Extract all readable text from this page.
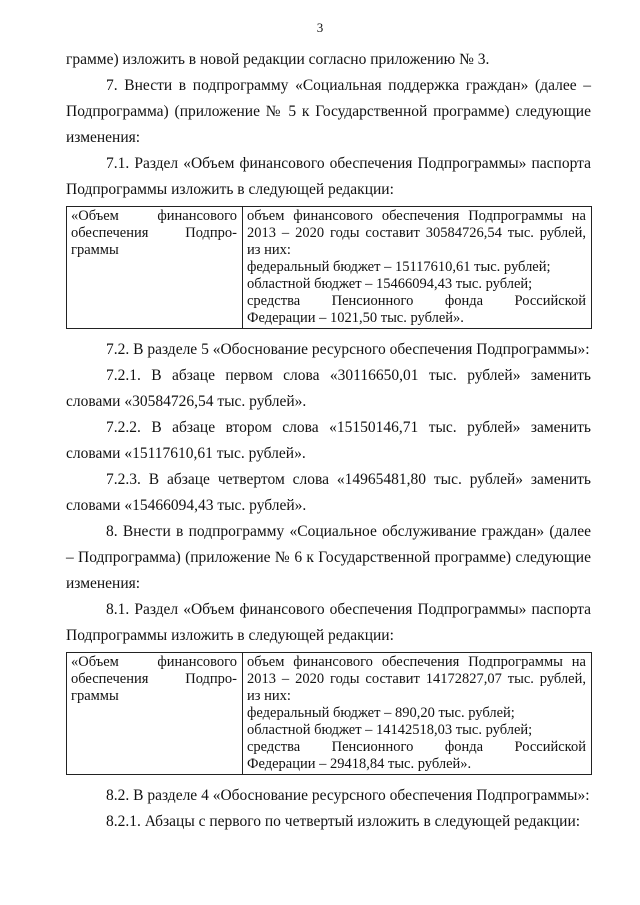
3

грамме) изложить в новой редакции согласно приложению № 3.

7. Внести в подпрограмму «Социальная поддержка граждан» (далее – Подпрограмма) (приложение № 5 к Государственной программе) следующие изменения:

7.1. Раздел «Объем финансового обеспечения Подпрограммы» паспорта Подпрограммы изложить в следующей редакции:

«Объем финансового
обеспечения Подпро-
граммы

объем финансового обеспечения Подпрограммы на
2013 – 2020 годы составит 30584726,54 тыс. рублей,
из них:
федеральный бюджет – 15117610,61 тыс. рублей;
областной бюджет – 15466094,43 тыс. рублей;
средства Пенсионного фонда Российской
Федерации – 1021,50 тыс. рублей».

7.2. В разделе 5 «Обоснование ресурсного обеспечения Подпрограммы»:

7.2.1. В абзаце первом слова «30116650,01 тыс. рублей» заменить словами «30584726,54 тыс. рублей».

7.2.2. В абзаце втором слова «15150146,71 тыс. рублей» заменить словами «15117610,61 тыс. рублей».

7.2.3. В абзаце четвертом слова «14965481,80 тыс. рублей» заменить словами «15466094,43 тыс. рублей».

8. Внести в подпрограмму «Социальное обслуживание граждан» (далее – Подпрограмма) (приложение № 6 к Государственной программе) следующие изменения:

8.1. Раздел «Объем финансового обеспечения Подпрограммы» паспорта Подпрограммы изложить в следующей редакции:

«Объем финансового
обеспечения Подпро-
граммы

объем финансового обеспечения Подпрограммы на
2013 – 2020 годы составит 14172827,07 тыс. рублей,
из них:
федеральный бюджет – 890,20 тыс. рублей;
областной бюджет – 14142518,03 тыс. рублей;
средства Пенсионного фонда Российской
Федерации – 29418,84 тыс. рублей».

8.2. В разделе 4 «Обоснование ресурсного обеспечения Подпрограммы»:

8.2.1. Абзацы с первого по четвертый изложить в следующей редакции:
